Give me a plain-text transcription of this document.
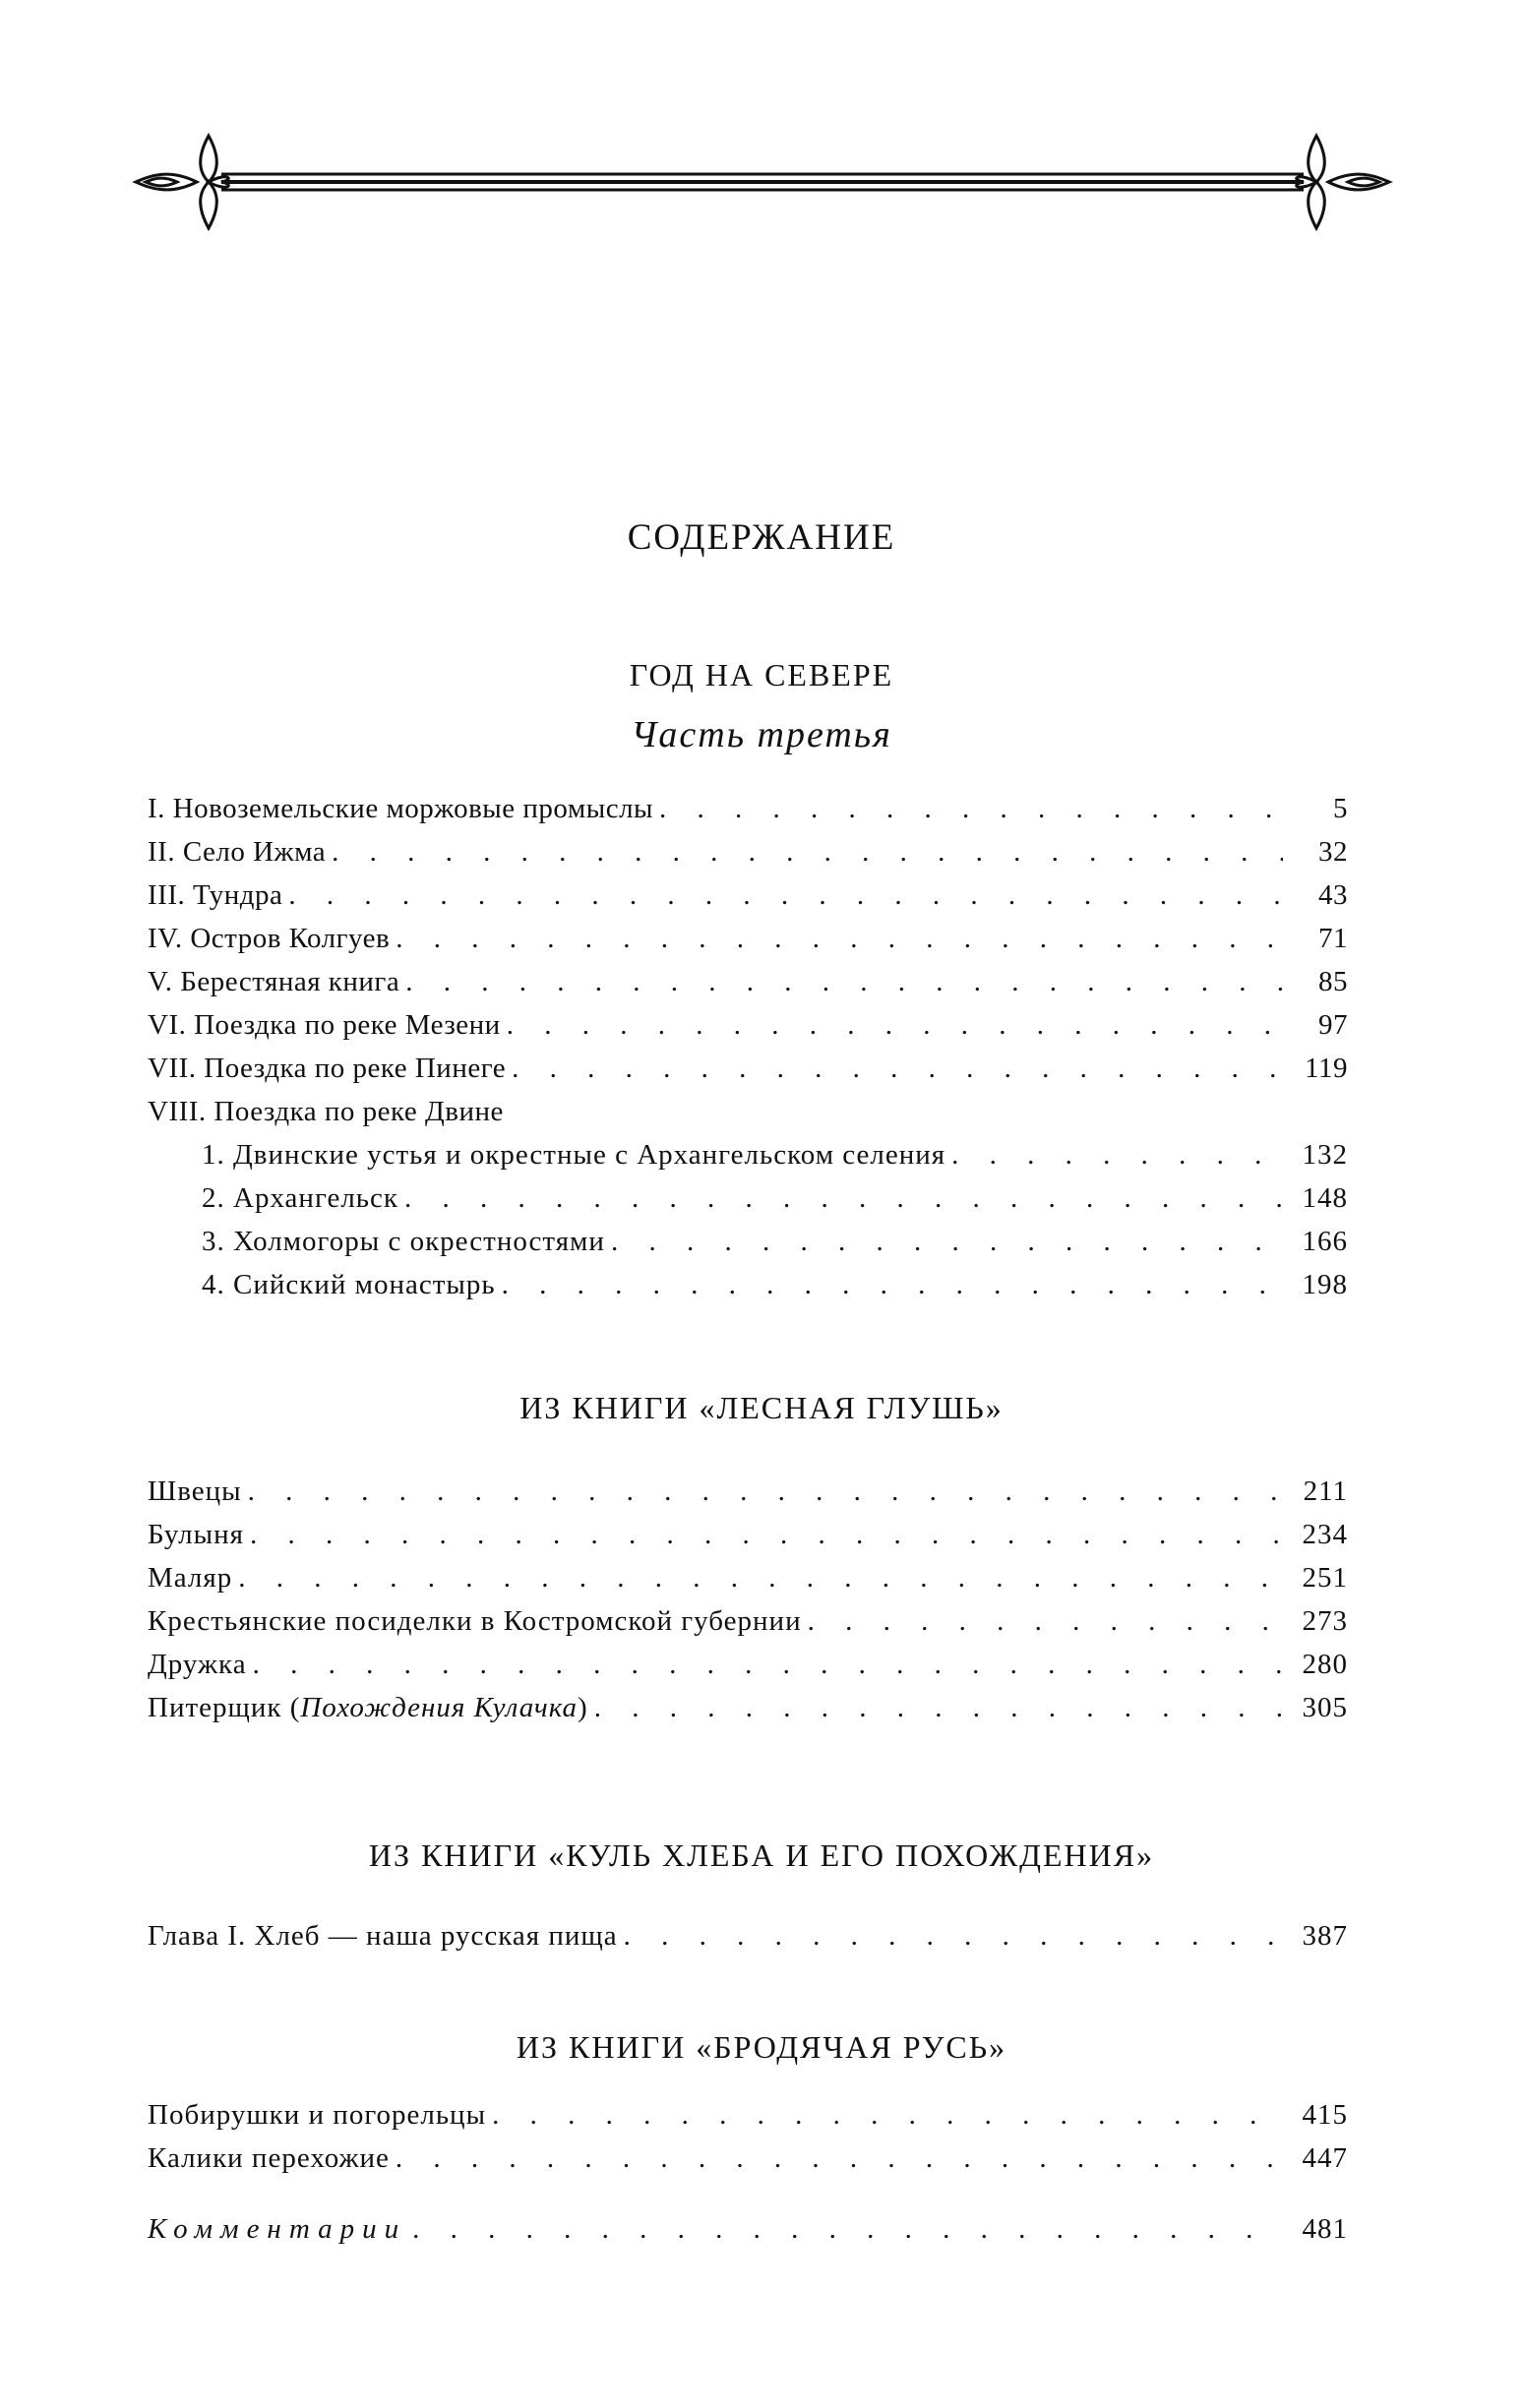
СОДЕРЖАНИЕ
ГОД НА СЕВЕРЕ
Часть третья
I. Новоземельские моржовые промыслы . . .	5
II. Село Ижма . . .	32
III. Тундра . . .	43
IV. Остров Колгуев . . .	71
V. Берестяная книга . . .	85
VI. Поездка по реке Мезени . . .	97
VII. Поездка по реке Пинеге . . .	119
VIII. Поездка по реке Двине
1. Двинские устья и окрестные с Архангельском селения . . .	132
2. Архангельск . . .	148
3. Холмогоры с окрестностями . . .	166
4. Сийский монастырь . . .	198
ИЗ КНИГИ «ЛЕСНАЯ ГЛУШЬ»
Швецы . . .	211
Булыня . . .	234
Маляр . . .	251
Крестьянские посиделки в Костромской губернии . . .	273
Дружка . . .	280
Питерщик (Похождения Кулачка) . . .	305
ИЗ КНИГИ «КУЛЬ ХЛЕБА И ЕГО ПОХОЖДЕНИЯ»
Глава I. Хлеб — наша русская пища . . .	387
ИЗ КНИГИ «БРОДЯЧАЯ РУСЬ»
Побирушки и погорельцы . . .	415
Калики перехожие . . .	447
Комментарии . . .	481
